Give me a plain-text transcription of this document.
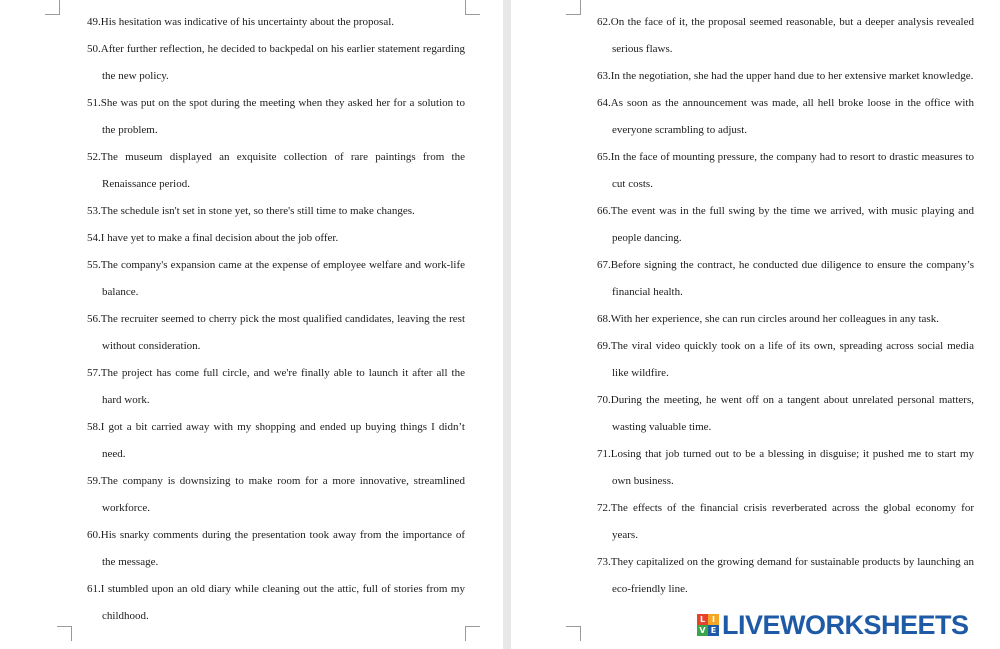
49.His hesitation was indicative of his uncertainty about the proposal.
50.After further reflection, he decided to backpedal on his earlier statement regarding the new policy.
51.She was put on the spot during the meeting when they asked her for a solution to the problem.
52.The museum displayed an exquisite collection of rare paintings from the Renaissance period.
53.The schedule isn't set in stone yet, so there's still time to make changes.
54.I have yet to make a final decision about the job offer.
55.The company's expansion came at the expense of employee welfare and work-life balance.
56.The recruiter seemed to cherry pick the most qualified candidates, leaving the rest without consideration.
57.The project has come full circle, and we're finally able to launch it after all the hard work.
58.I got a bit carried away with my shopping and ended up buying things I didn’t need.
59.The company is downsizing to make room for a more innovative, streamlined workforce.
60.His snarky comments during the presentation took away from the importance of the message.
61.I stumbled upon an old diary while cleaning out the attic, full of stories from my childhood.
62.On the face of it, the proposal seemed reasonable, but a deeper analysis revealed serious flaws.
63.In the negotiation, she had the upper hand due to her extensive market knowledge.
64.As soon as the announcement was made, all hell broke loose in the office with everyone scrambling to adjust.
65.In the face of mounting pressure, the company had to resort to drastic measures to cut costs.
66.The event was in the full swing by the time we arrived, with music playing and people dancing.
67.Before signing the contract, he conducted due diligence to ensure the company’s financial health.
68.With her experience, she can run circles around her colleagues in any task.
69.The viral video quickly took on a life of its own, spreading across social media like wildfire.
70.During the meeting, he went off on a tangent about unrelated personal matters, wasting valuable time.
71.Losing that job turned out to be a blessing in disguise; it pushed me to start my own business.
72.The effects of the financial crisis reverberated across the global economy for years.
73.They capitalized on the growing demand for sustainable products by launching an eco-friendly line.
L I
V E LIVEWORKSHEETS
